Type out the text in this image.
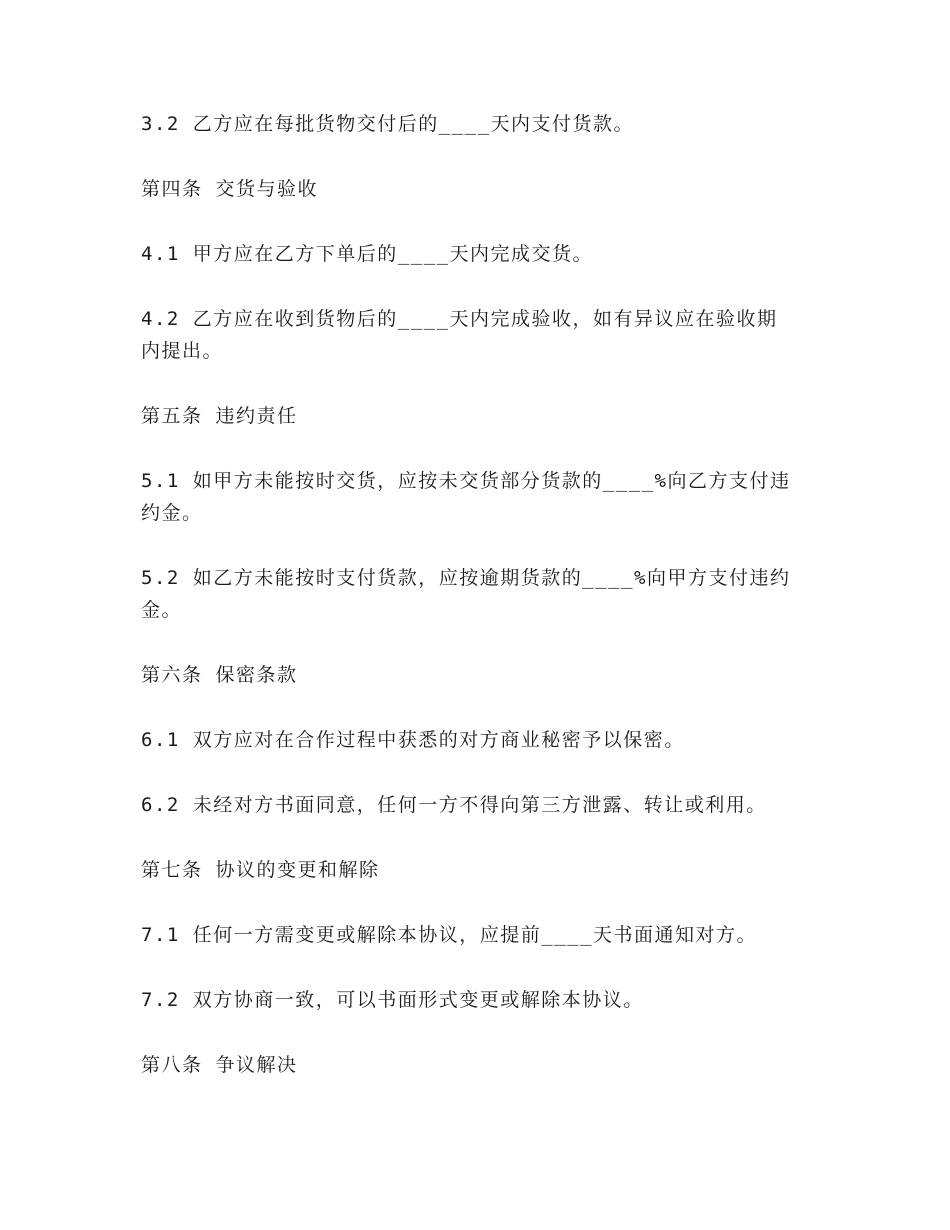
3.2 乙方应在每批货物交付后的____天内支付货款。
第四条 交货与验收
4.1 甲方应在乙方下单后的____天内完成交货。
4.2 乙方应在收到货物后的____天内完成验收，如有异议应在验收期
内提出。
第五条 违约责任
5.1 如甲方未能按时交货，应按未交货部分货款的____%向乙方支付违
约金。
5.2 如乙方未能按时支付货款，应按逾期货款的____%向甲方支付违约
金。
第六条 保密条款
6.1 双方应对在合作过程中获悉的对方商业秘密予以保密。
6.2 未经对方书面同意，任何一方不得向第三方泄露、转让或利用。
第七条 协议的变更和解除
7.1 任何一方需变更或解除本协议，应提前____天书面通知对方。
7.2 双方协商一致，可以书面形式变更或解除本协议。
第八条 争议解决
